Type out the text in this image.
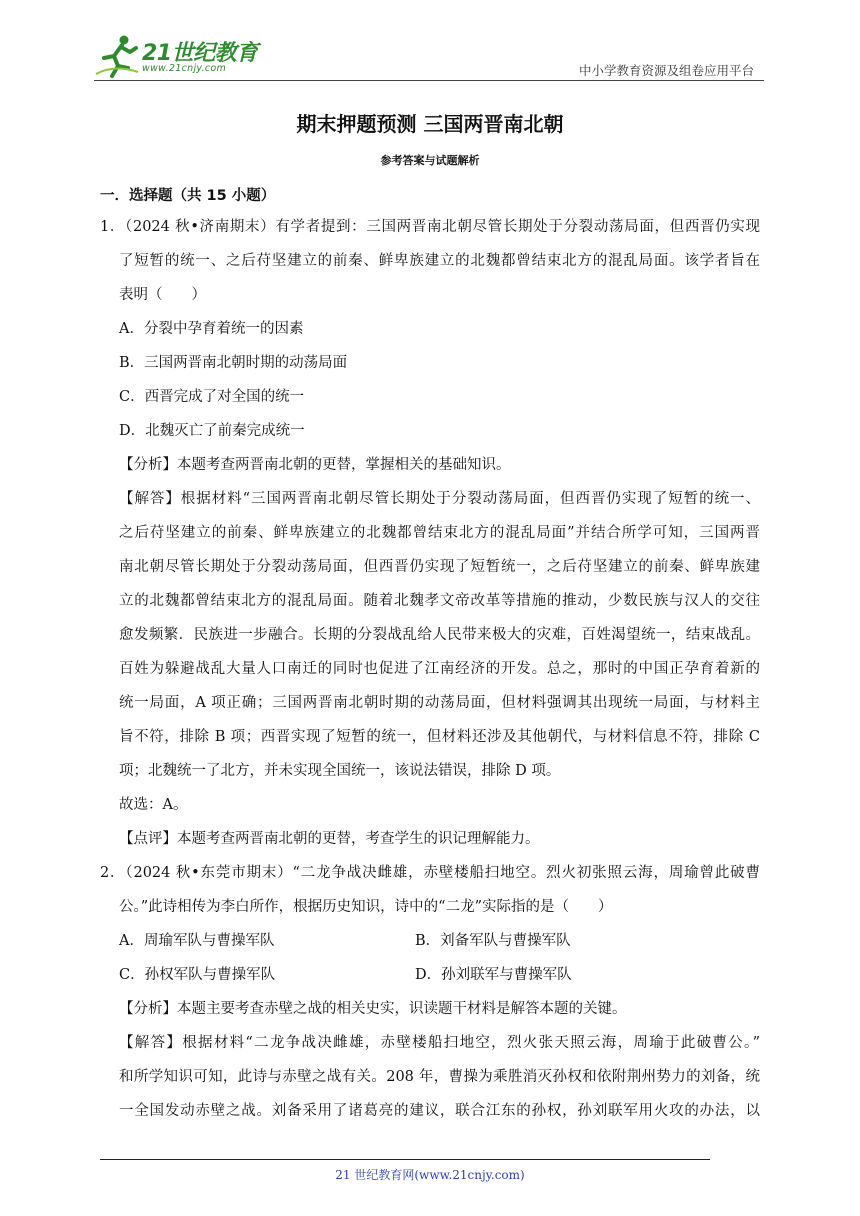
21世纪教育
www.21cnjy.com	中小学教育资源及组卷应用平台
期末押题预测 三国两晋南北朝
参考答案与试题解析
一．选择题（共 15 小题）
1．（2024 秋•济南期末）有学者提到：三国两晋南北朝尽管长期处于分裂动荡局面，但西晋仍实现
了短暂的统一、之后苻坚建立的前秦、鲜卑族建立的北魏都曾结束北方的混乱局面。该学者旨在
表明（　　）
A．分裂中孕育着统一的因素
B．三国两晋南北朝时期的动荡局面
C．西晋完成了对全国的统一
D．北魏灭亡了前秦完成统一
【分析】本题考查两晋南北朝的更替，掌握相关的基础知识。
【解答】根据材料“三国两晋南北朝尽管长期处于分裂动荡局面，但西晋仍实现了短暂的统一、
之后苻坚建立的前秦、鲜卑族建立的北魏都曾结束北方的混乱局面”并结合所学可知，三国两晋
南北朝尽管长期处于分裂动荡局面，但西晋仍实现了短暂统一，之后苻坚建立的前秦、鲜卑族建
立的北魏都曾结束北方的混乱局面。随着北魏孝文帝改革等措施的推动，少数民族与汉人的交往
愈发频繁．民族进一步融合。长期的分裂战乱给人民带来极大的灾难，百姓渴望统一，结束战乱。
百姓为躲避战乱大量人口南迁的同时也促进了江南经济的开发。总之，那时的中国正孕育着新的
统一局面，A 项正确；三国两晋南北朝时期的动荡局面，但材料强调其出现统一局面，与材料主
旨不符，排除 B 项；西晋实现了短暂的统一，但材料还涉及其他朝代，与材料信息不符，排除 C
项；北魏统一了北方，并未实现全国统一，该说法错误，排除 D 项。
故选：A。
【点评】本题考查两晋南北朝的更替，考查学生的识记理解能力。
2．（2024 秋•东莞市期末）“二龙争战决雌雄，赤壁楼船扫地空。烈火初张照云海，周瑜曾此破曹
公。”此诗相传为李白所作，根据历史知识，诗中的“二龙”实际指的是（　　）
A．周瑜军队与曹操军队	B．刘备军队与曹操军队
C．孙权军队与曹操军队	D．孙刘联军与曹操军队
【分析】本题主要考查赤壁之战的相关史实，识读题干材料是解答本题的关键。
【解答】根据材料“二龙争战决雌雄，赤壁楼船扫地空，烈火张天照云海，周瑜于此破曹公。”
和所学知识可知，此诗与赤壁之战有关。208 年，曹操为乘胜消灭孙权和依附荆州势力的刘备，统
一全国发动赤壁之战。刘备采用了诸葛亮的建议，联合江东的孙权，孙刘联军用火攻的办法，以
21 世纪教育网(www.21cnjy.com)
